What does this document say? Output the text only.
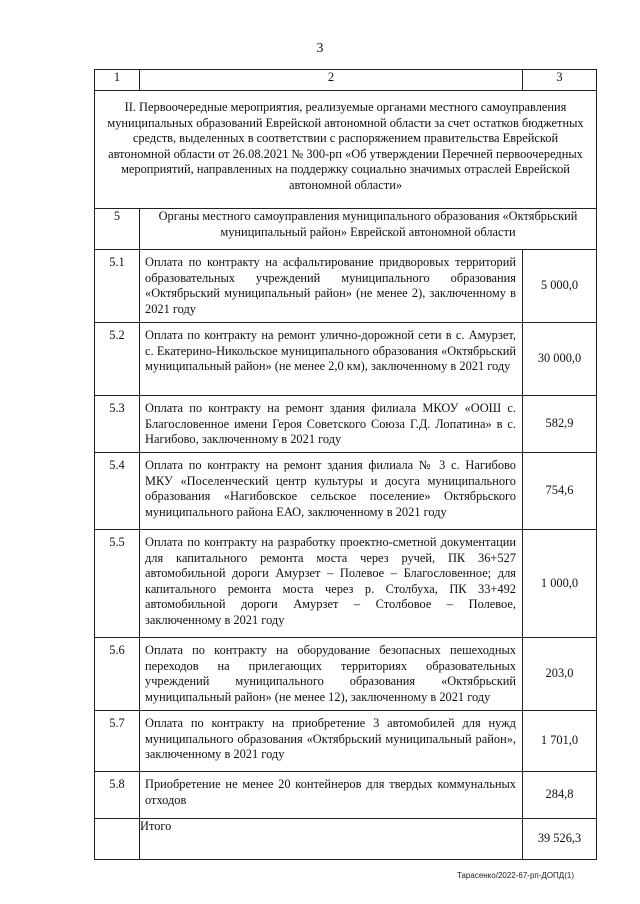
3
1	2	3

II. Первоочередные мероприятия, реализуемые органами местного самоуправления муниципальных образований Еврейской автономной области за счет остатков бюджетных средств, выделенных в соответствии с распоряжением правительства Еврейской автономной области от 26.08.2021 № 300-рп «Об утверждении Перечней первоочередных мероприятий, направленных на поддержку социально значимых отраслей Еврейской автономной области»		

5	Органы местного самоуправления муниципального образования «Октябрьский муниципальный район» Еврейской автономной области	
5.1	Оплата по контракту на асфальтирование придворовых территорий образовательных учреждений муниципального образования «Октябрьский муниципальный район» (не менее 2), заключенному в 2021 году	5 000,0
5.2	Оплата по контракту на ремонт улично-дорожной сети в с. Амурзет, с. Екатерино-Никольское муниципального образования «Октябрьский муниципальный район» (не менее 2,0 км), заключенному в 2021 году	30 000,0
5.3	Оплата по контракту на ремонт здания филиала МКОУ «ООШ с. Благословенное имени Героя Советского Союза Г.Д. Лопатина» в с. Нагибово, заключенному в 2021 году	582,9
5.4	Оплата по контракту на ремонт здания филиала № 3 с. Нагибово МКУ «Поселенческий центр культуры и досуга муниципального образования «Нагибовское сельское поселение» Октябрьского муниципального района ЕАО, заключенному в 2021 году	754,6
5.5	Оплата по контракту на разработку проектно-сметной документации для капитального ремонта моста через ручей, ПК 36+527 автомобильной дороги Амурзет – Полевое – Благословенное; для капитального ремонта моста через р. Столбуха, ПК 33+492 автомобильной дороги Амурзет – Столбовое – Полевое, заключенному в 2021 году	1 000,0
5.6	Оплата по контракту на оборудование безопасных пешеходных переходов на прилегающих территориях образовательных учреждений муниципального образования «Октябрьский муниципальный район» (не менее 12), заключенному в 2021 году	203,0
5.7	Оплата по контракту на приобретение 3 автомобилей для нужд муниципального образования «Октябрьский муниципальный район», заключенному в 2021 году	1 701,0
5.8	Приобретение не менее 20 контейнеров для твердых коммунальных отходов	284,8
	Итого	39 526,3
Тарасенко/2022-67-рп-ДОПД(1)
